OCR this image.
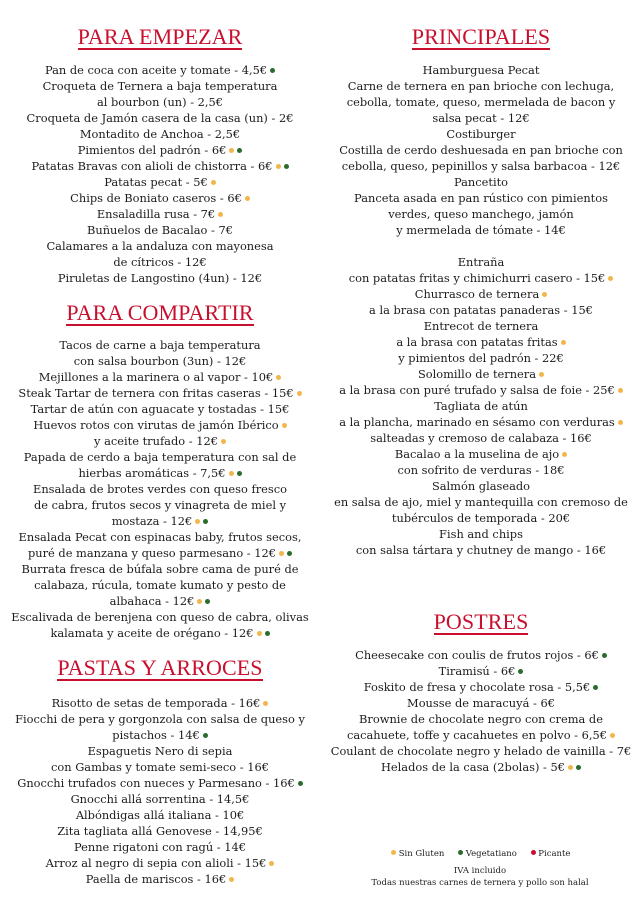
PARA EMPEZAR
Pan de coca con aceite y tomate - 4,5€
Croqueta de Ternera a baja temperatura
al bourbon (un) - 2,5€
Croqueta de Jamón casera de la casa (un) - 2€
Montadito de Anchoa - 2,5€
Pimientos del padrón - 6€
Patatas Bravas con alioli de chistorra - 6€
Patatas pecat - 5€
Chips de Boniato caseros - 6€
Ensaladilla rusa - 7€
Buñuelos de Bacalao - 7€
Calamares a la andaluza con mayonesa
de cítricos - 12€
Piruletas de Langostino (4un) - 12€
PARA COMPARTIR
Tacos de carne a baja temperatura
con salsa bourbon (3un) - 12€
Mejillones a la marinera o al vapor - 10€
Steak Tartar de ternera con fritas caseras - 15€
Tartar de atún con aguacate y tostadas - 15€
Huevos rotos con virutas de jamón Ibérico
y aceite trufado - 12€
Papada de cerdo a baja temperatura con sal de
hierbas aromáticas - 7,5€
Ensalada de brotes verdes con queso fresco
de cabra, frutos secos y vinagreta de miel y
mostaza - 12€
Ensalada Pecat con espinacas baby, frutos secos,
puré de manzana y queso parmesano - 12€
Burrata fresca de búfala sobre cama de puré de
calabaza, rúcula, tomate kumato y pesto de
albahaca - 12€
Escalivada de berenjena con queso de cabra, olivas
kalamata y aceite de orégano - 12€
PASTAS Y ARROCES
Risotto de setas de temporada - 16€
Fiocchi de pera y gorgonzola con salsa de queso y
pistachos - 14€
Espaguetis Nero di sepia
con Gambas y tomate semi-seco - 16€
Gnocchi trufados con nueces y Parmesano - 16€
Gnocchi allá sorrentina - 14,5€
Albóndigas allá italiana - 10€
Zita tagliata allá Genovese - 14,95€
Penne rigatoni con ragú - 14€
Arroz al negro di sepia con alioli - 15€
Paella de mariscos - 16€
PRINCIPALES
Hamburguesa Pecat
Carne de ternera en pan brioche con lechuga,
cebolla, tomate, queso, mermelada de bacon y
salsa pecat - 12€
Costiburger
Costilla de cerdo deshuesada en pan brioche con
cebolla, queso, pepinillos y salsa barbacoa - 12€
Pancetito
Panceta asada en pan rústico con pimientos
verdes, queso manchego, jamón
y mermelada de tómate - 14€
Entraña
con patatas fritas y chimichurri casero - 15€
Churrasco de ternera
a la brasa con patatas panaderas - 15€
Entrecot de ternera
a la brasa con patatas fritas
y pimientos del padrón - 22€
Solomillo de ternera
a la brasa con puré trufado y salsa de foie - 25€
Tagliata de atún
a la plancha, marinado en sésamo con verduras
salteadas y cremoso de calabaza - 16€
Bacalao a la muselina de ajo
con sofrito de verduras - 18€
Salmón glaseado
en salsa de ajo, miel y mantequilla con cremoso de
tubérculos de temporada - 20€
Fish and chips
con salsa tártara y chutney de mango - 16€
POSTRES
Cheesecake con coulis de frutos rojos - 6€
Tiramisú - 6€
Foskito de fresa y chocolate rosa - 5,5€
Mousse de maracuyá - 6€
Brownie de chocolate negro con crema de
cacahuete, toffe y cacahuetes en polvo - 6,5€
Coulant de chocolate negro y helado de vainilla - 7€
Helados de la casa (2bolas) - 5€
Sin Gluten	Vegetatiano	Picante
IVA incluido
Todas nuestras carnes de ternera y pollo son halal
